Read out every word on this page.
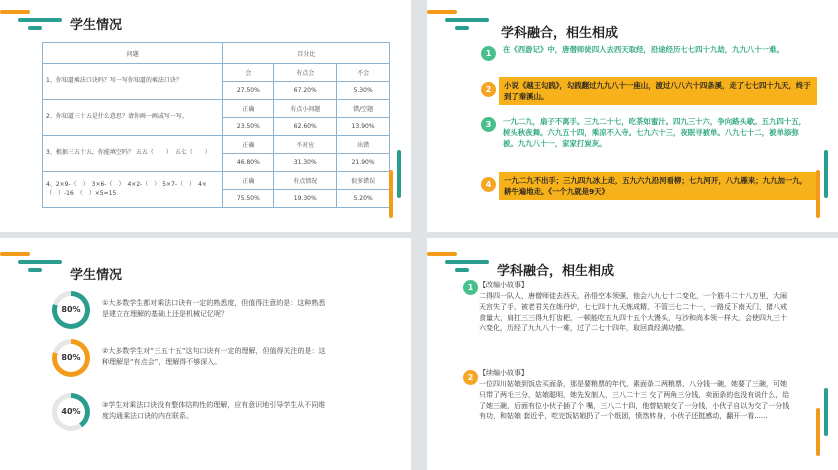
学生情况
问题	百分比		
1、你知道乘法口诀吗？写一写你知道的乘法口诀？	会	有点会	不会
	27.50%	67.20%	5.30%
2、你知道三十五是什么意思？请你画一画或写一写。	正确	有点小问题	错/空题
	23.50%	62.60%	13.90%
3、根据三五十五，你能填空吗？ 五五（　　）　五七（　　）	正确	不对应	出错
	46.80%	31.30%	21.90%
4、2×9-（　）　3×6-（　）　4×2-（　） 5×7-（　）　4×（　）-16　（　）×5=15	正确	有点情况	很多错误
	75.50%	19.30%	5.20%
学科融合，相生相成
1	在《西游记》中，唐僧师徒四人去西天取经，沿途经历七七四十九劫，九九八十一难。
2	小说《越王勾践》，勾践翻过九九八十一座山，渡过八八六十四条溪，走了七七四十九天，终于到了秦溪山。
3	一九二九，扇子不离手。三九二十七，吃茶如蜜汁。四九三十六，争向路头歇。五九四十五，树头秋夜舞。六九五十四，乘凉不入寺。七九六十三，夜眠寻被单。八九七十二，被单添弥被。九九八十一，家家打炭灰。
4	一九二九不出手；三九四九冰上走，五九六九沿河看柳；七九河开，八九雁来；九九加一九，耕牛遍地走。《一个九就是9天》
学生情况
80%
①大多数学生都对乘法口诀有一定的熟悉度，但值得注意的是：这种熟悉是建立在理解的基础上还是机械记忆呢？
80%
②大多数学生对“三五十五”这句口诀有一定的理解，但值得关注的是：这种理解是“有点会”，理解得不够深入。
40%
③学生对乘法口诀没有整体结构性的理解，应有意识地引导学生从不同维度沟通乘法口诀的内在联系。
学科融合，相生相成
1 【改编小故事】
二得四一队人，唐僧师徒去西天，孙悟空本领强，他会八九七十二变化，一个筋斗二十八万里，大闹天宫失了手，被老君关在练丹炉，七七四十九天炼成精，不管三七二十一，一路反下南天门，猪八戒食量大，肩扛三三得九钉齿耙，一顿能吃五九四十五个大馒头，与沙和尚本领一样大，会使四九三十六变化，历经了九九八十一难，过了二七十四年，取回真经满功德。
2 【续编小故事】
一位四川姑娘到饭店买面条，那是要粮票的年代，素面条二两粮票、八分钱一碗，她要了三碗，可她只带了两毛三分，姑娘聪明，她先发制人，三八二十三 交了两角三分钱，卖面条的也没有说什么，给了她三碗，后面有位小伙子插了个 嘴，三八二十四，他替姑娘交了一分钱，小伙子自以为交了一分钱有功，和姑娘 套近乎，吃完饭姑娘扔了一个纸团，愤然转身，小伙子还挺感动，翻开一看......
